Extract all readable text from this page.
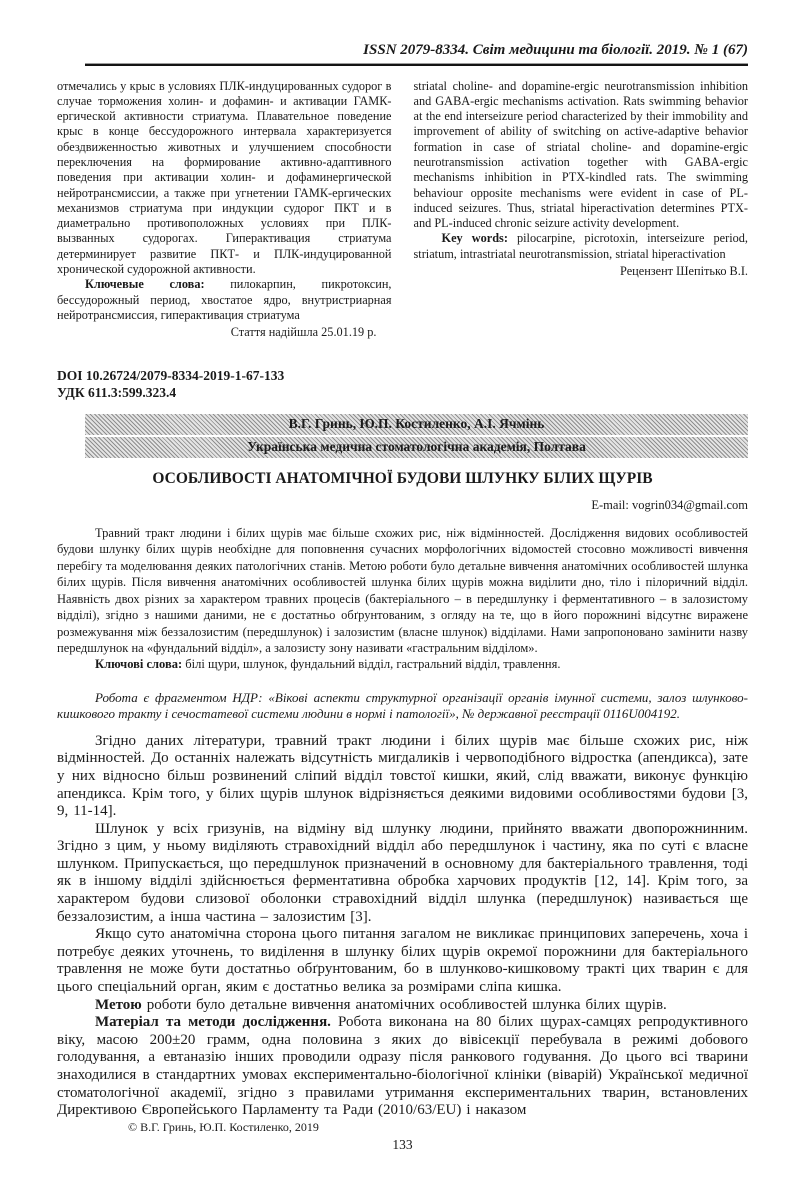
ISSN 2079-8334. Світ медицини та біології. 2019. № 1 (67)

отмечались у крыс в условиях ПЛК-индуцированных судорог в случае торможения холин- и дофамин- и активации ГАМК-ергической активности стриатума. Плавательное поведение крыс в конце бессудорожного интервала характеризуется обездвиженностью животных и улучшением способности переключения на формирование активно-адаптивного поведения при активации холин- и дофаминергической нейротрансмиссии, а также при угнетении ГАМК-ергических механизмов стриатума при индукции судорог ПКТ и в диаметрально противоположных условиях при ПЛК-вызванных судорогах. Гиперактивация стриатума детерминирует развитие ПКТ- и ПЛК-индуцированной хронической судорожной активности.

Ключевые слова: пилокарпин, пикротоксин, бессудорожный период, хвостатое ядро, внутристриарная нейротрансмиссия, гиперактивация стриатума

Стаття надійшла 25.01.19 р.

striatal choline- and dopamine-ergic neurotransmission inhibition and GABA-ergic mechanisms activation. Rats swimming behavior at the end interseizure period characterized by their immobility and improvement of ability of switching on active-adaptive behavior formation in case of striatal choline- and dopamine-ergic neurotransmission activation together with GABA-ergic mechanisms inhibition in PTX-kindled rats. The swimming behaviour opposite mechanisms were evident in case of PL-induced seizures. Thus, striatal hiperactivation determines PTX- and PL-induced chronic seizure activity development.

Key words: pilocarpine, picrotoxin, interseizure period, striatum, intrastriatal neurotransmission, striatal hiperactivation

Рецензент Шепітько В.І.

DOI 10.26724/2079-8334-2019-1-67-133
УДК 611.3:599.323.4
В.Г. Гринь, Ю.П. Костиленко, А.І. Ячмінь
Українська медична стоматологічна академія, Полтава
ОСОБЛИВОСТІ АНАТОМІЧНОЇ БУДОВИ ШЛУНКУ БІЛИХ ЩУРІВ
E-mail: vogrin034@gmail.com

Травний тракт людини і білих щурів має більше схожих рис, ніж відмінностей. Дослідження видових особливостей будови шлунку білих щурів необхідне для поповнення сучасних морфологічних відомостей стосовно можливості вивчення перебігу та моделювання деяких патологічних станів. Метою роботи було детальне вивчення анатомічних особливостей шлунка білих щурів. Після вивчення анатомічних особливостей шлунка білих щурів можна виділити дно, тіло і пілоричний відділ. Наявність двох різних за характером травних процесів (бактеріального – в передшлунку і ферментативного – в залозистому відділі), згідно з нашими даними, не є достатньо обґрунтованим, з огляду на те, що в його порожнині відсутнє виражене розмежування між беззалозистим (передшлунок) і залозистим (власне шлунок) відділами. Нами запропоновано замінити назву передшлунок на «фундальний відділ», а залозисту зону називати «гастральним відділом».

Ключові слова: білі щури, шлунок, фундальний відділ, гастральний відділ, травлення.

Робота є фрагментом НДР: «Вікові аспекти структурної організації органів імунної системи, залоз шлунково-кишкового тракту і сечостатевої системи людини в нормі і патології», № державної реєстрації 0116U004192.

Згідно даних літератури, травний тракт людини і білих щурів має більше схожих рис, ніж відмінностей. До останніх належать відсутність мигдаликів і червоподібного відростка (апендикса), зате у них відносно більш розвинений сліпий відділ товстої кишки, який, слід вважати, виконує функцію апендикса. Крім того, у білих щурів шлунок відрізняється деякими видовими особливостями будови [3, 9, 11-14].

Шлунок у всіх гризунів, на відміну від шлунку людини, прийнято вважати двопорожнинним. Згідно з цим, у ньому виділяють стравохідний відділ або передшлунок і частину, яка по суті є власне шлунком. Припускається, що передшлунок призначений в основному для бактеріального травлення, тоді як в іншому відділі здійснюється ферментативна обробка харчових продуктів [12, 14]. Крім того, за характером будови слизової оболонки стравохідний відділ шлунка (передшлунок) називається ще беззалозистим, а інша частина – залозистим [3].

Якщо суто анатомічна сторона цього питання загалом не викликає принципових заперечень, хоча і потребує деяких уточнень, то виділення в шлунку білих щурів окремої порожнини для бактеріального травлення не може бути достатньо обґрунтованим, бо в шлунково-кишковому тракті цих тварин є для цього спеціальний орган, яким є достатньо велика за розмірами сліпа кишка.

Метою роботи було детальне вивчення анатомічних особливостей шлунка білих щурів.

Матеріал та методи дослідження. Робота виконана на 80 білих щурах-самцях репродуктивного віку, масою 200±20 грамм, одна половина з яких до вівісекції перебувала в режимі добового голодування, а евтаназію інших проводили одразу після ранкового годування. До цього всі тварини знаходилися в стандартних умовах експериментально-біологічної клініки (віварій) Української медичної стоматологічної академії, згідно з правилами утримання експериментальних тварин, встановлених Директивою Європейського Парламенту та Ради (2010/63/EU) і наказом

© В.Г. Гринь, Ю.П. Костиленко, 2019
133
